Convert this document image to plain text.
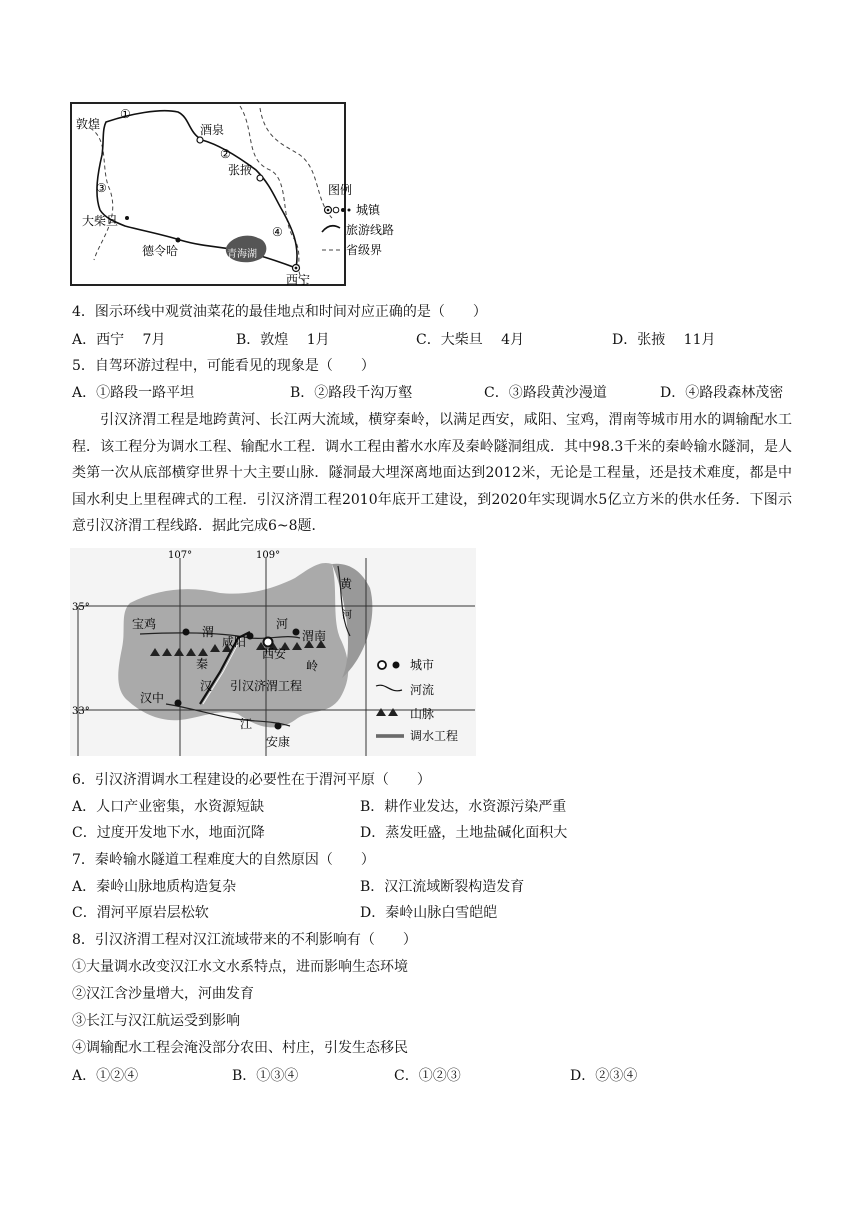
敦煌	酒泉
张掖
大柴旦
德令哈	青海湖
西宁
①
②
③
④
图例
城镇
旅游线路
省级界
4．图示环线中观赏油菜花的最佳地点和时间对应正确的是（　　）
A．西宁　 7月	B．敦煌　 1月	C．大柴旦　 4月	D．张掖　 11月
5．自驾环游过程中，可能看见的现象是（　　）
A．①路段一路平坦	B．②路段千沟万壑	C．③路段黄沙漫道	D．④路段森林茂密
引汉济渭工程是地跨黄河、长江两大流域，横穿秦岭，以满足西安，咸阳、宝鸡，渭南等城市用水的调输配水工程．该工程分为调水工程、输配水工程．调水工程由蓄水水库及秦岭隧洞组成．其中98.3千米的秦岭输水隧洞，是人类第一次从底部横穿世界十大主要山脉．隧洞最大埋深离地面达到2012米，无论是工程量，还是技术难度，都是中国水利史上里程碑式的工程．引汉济渭工程2010年底开工建设，到2020年实现调水5亿立方米的供水任务．下图示意引汉济渭工程线路．据此完成6~8题．
107°	109°
35°
33°
宝鸡
咸阳
西安
渭南
汉中
安康
渭
河
秦	岭
汉
江
黄
河
引汉济渭工程
城市
河流
山脉
调水工程
6．引汉济渭调水工程建设的必要性在于渭河平原（　　）
A．人口产业密集，水资源短缺	B．耕作业发达，水资源污染严重
C．过度开发地下水，地面沉降	D．蒸发旺盛，土地盐碱化面积大
7．秦岭输水隧道工程难度大的自然原因（　　）
A．秦岭山脉地质构造复杂	B．汉江流域断裂构造发育
C．渭河平原岩层松软	D．秦岭山脉白雪皑皑
8．引汉济渭工程对汉江流域带来的不利影响有（　　）
①大量调水改变汉江水文水系特点，进而影响生态环境
②汉江含沙量增大，河曲发育
③长江与汉江航运受到影响
④调输配水工程会淹没部分农田、村庄，引发生态移民
A．①②④	B．①③④	C．①②③	D．②③④
